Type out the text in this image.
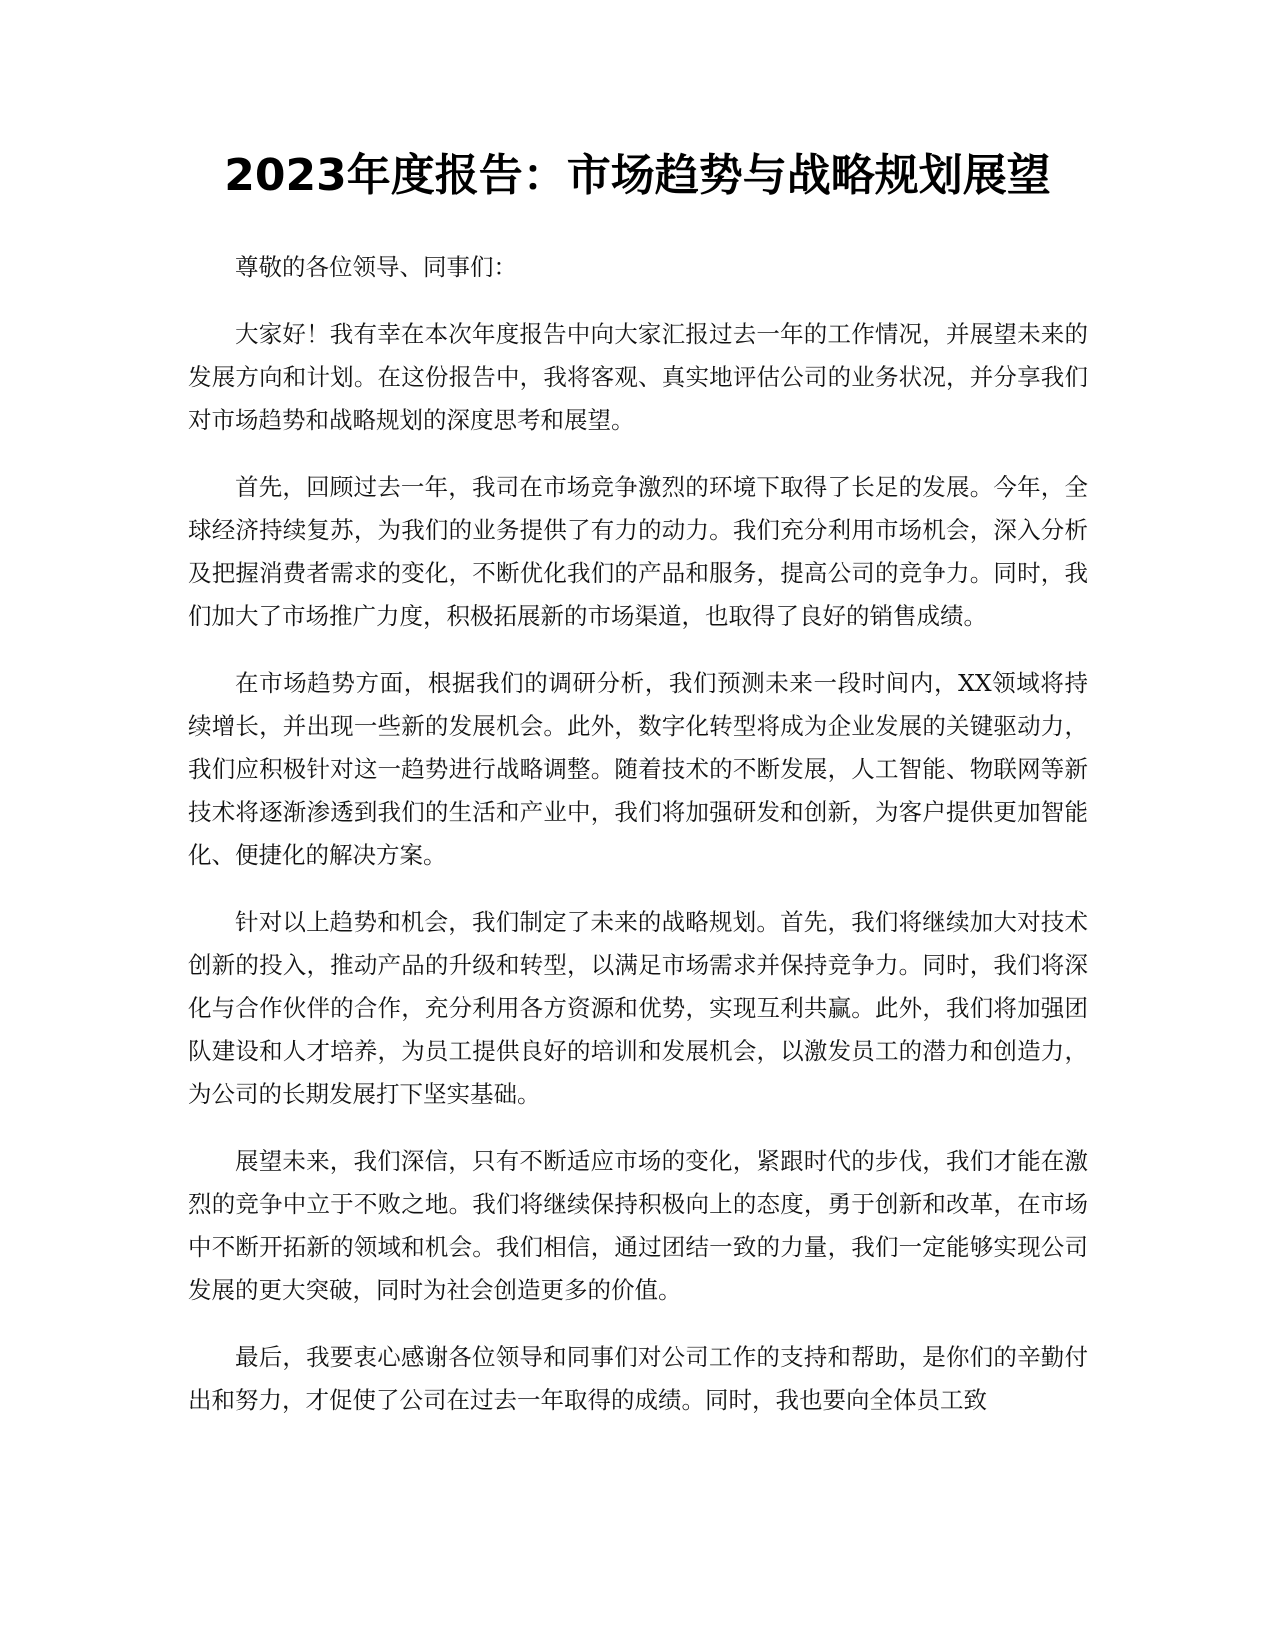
2023年度报告：市场趋势与战略规划展望

尊敬的各位领导、同事们：

大家好！我有幸在本次年度报告中向大家汇报过去一年的工作情况，并展望未来的发展方向和计划。在这份报告中，我将客观、真实地评估公司的业务状况，并分享我们对市场趋势和战略规划的深度思考和展望。

首先，回顾过去一年，我司在市场竞争激烈的环境下取得了长足的发展。今年，全球经济持续复苏，为我们的业务提供了有力的动力。我们充分利用市场机会，深入分析及把握消费者需求的变化，不断优化我们的产品和服务，提高公司的竞争力。同时，我们加大了市场推广力度，积极拓展新的市场渠道，也取得了良好的销售成绩。

在市场趋势方面，根据我们的调研分析，我们预测未来一段时间内，XX领域将持续增长，并出现一些新的发展机会。此外，数字化转型将成为企业发展的关键驱动力，我们应积极针对这一趋势进行战略调整。随着技术的不断发展，人工智能、物联网等新技术将逐渐渗透到我们的生活和产业中，我们将加强研发和创新，为客户提供更加智能化、便捷化的解决方案。

针对以上趋势和机会，我们制定了未来的战略规划。首先，我们将继续加大对技术创新的投入，推动产品的升级和转型，以满足市场需求并保持竞争力。同时，我们将深化与合作伙伴的合作，充分利用各方资源和优势，实现互利共赢。此外，我们将加强团队建设和人才培养，为员工提供良好的培训和发展机会，以激发员工的潜力和创造力，为公司的长期发展打下坚实基础。

展望未来，我们深信，只有不断适应市场的变化，紧跟时代的步伐，我们才能在激烈的竞争中立于不败之地。我们将继续保持积极向上的态度，勇于创新和改革，在市场中不断开拓新的领域和机会。我们相信，通过团结一致的力量，我们一定能够实现公司发展的更大突破，同时为社会创造更多的价值。

最后，我要衷心感谢各位领导和同事们对公司工作的支持和帮助，是你们的辛勤付出和努力，才促使了公司在过去一年取得的成绩。同时，我也要向全体员工致
